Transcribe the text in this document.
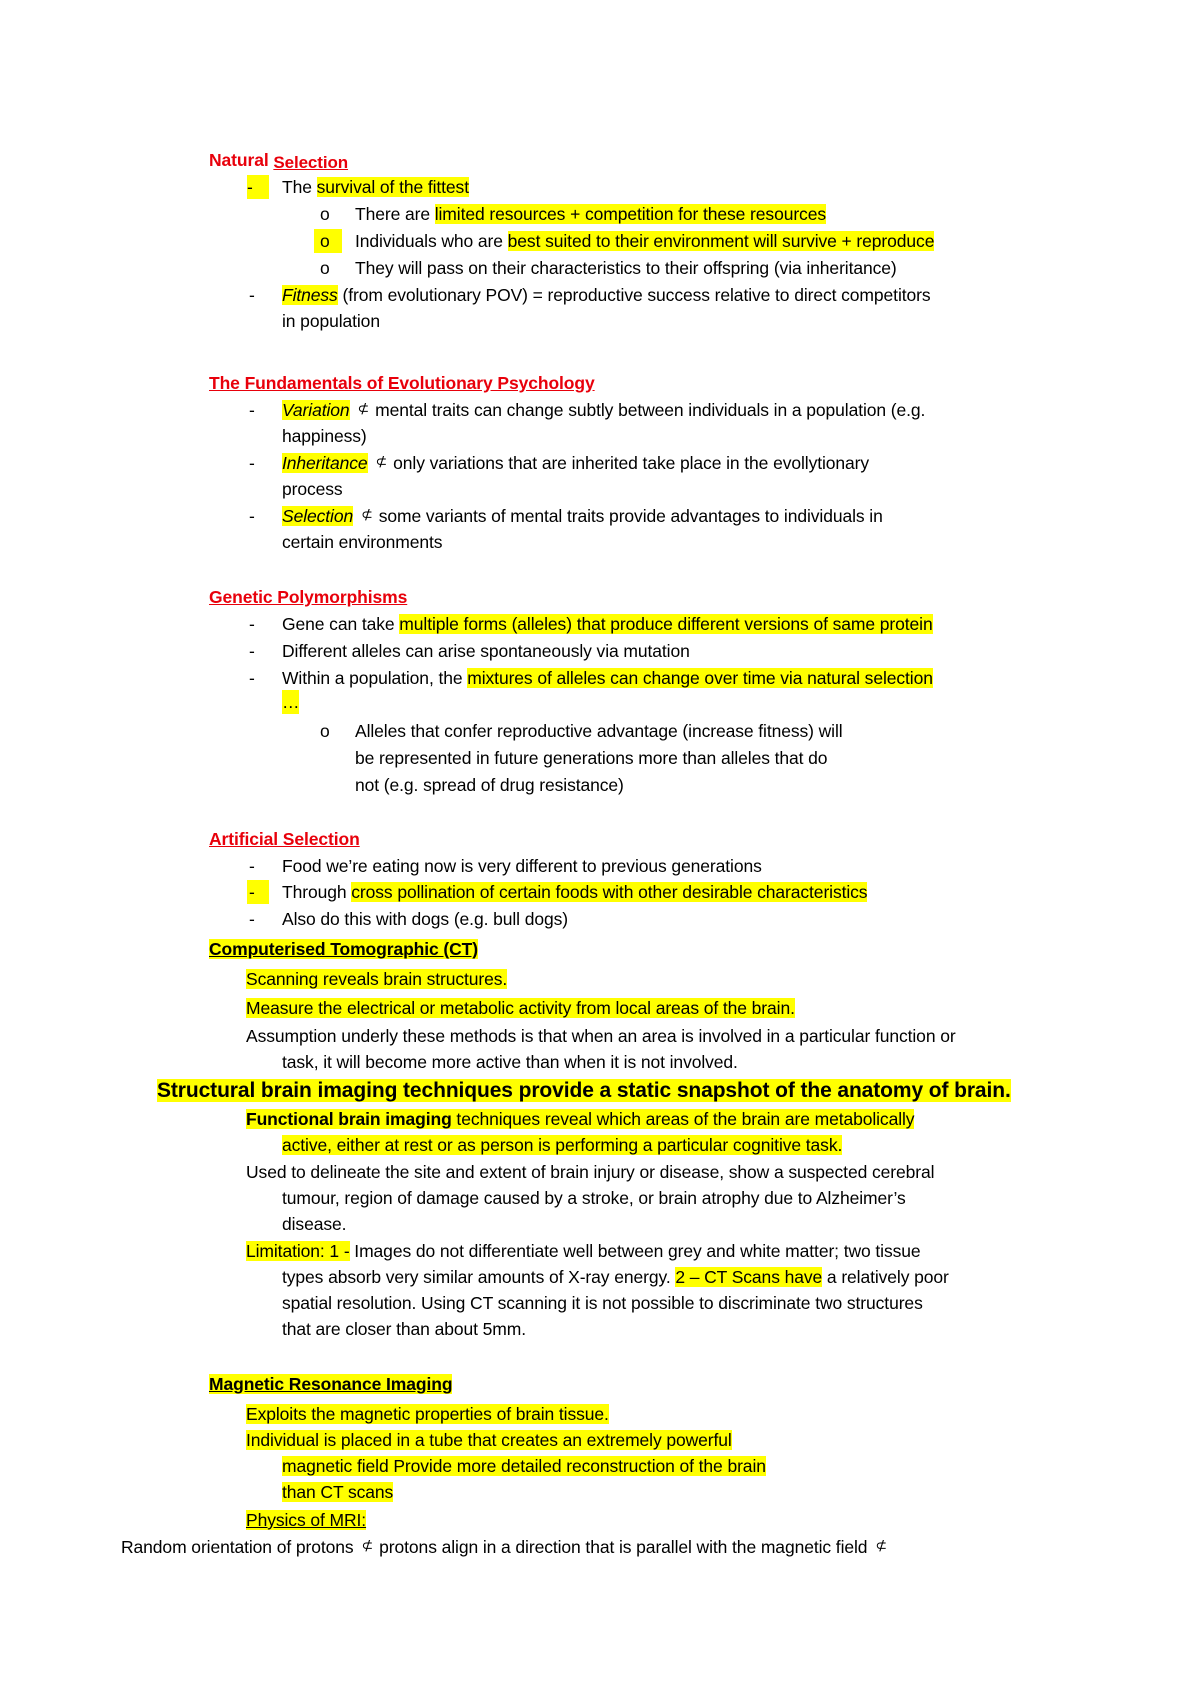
Natural Selection
-	The survival of the fittest
o There are limited resources + competition for these resources
o	Individuals who are best suited to their environment will survive + reproduce
o They will pass on their characteristics to their offspring (via inheritance)
- Fitness (from evolutionary POV) = reproductive success relative to direct competitors
in population
The Fundamentals of Evolutionary Psychology
- Variation ⊄ mental traits can change subtly between individuals in a population (e.g.
happiness)
- Inheritance ⊄ only variations that are inherited take place in the evollytionary
process
- Selection ⊄ some variants of mental traits provide advantages to individuals in
certain environments
Genetic Polymorphisms
- Gene can take multiple forms (alleles) that produce different versions of same protein
- Different alleles can arise spontaneously via mutation
- Within a population, the mixtures of alleles can change over time via natural selection
…
o Alleles that confer reproductive advantage (increase fitness) will
be represented in future generations more than alleles that do
not (e.g. spread of drug resistance)
Artificial Selection
- Food we’re eating now is very different to previous generations
-	Through cross pollination of certain foods with other desirable characteristics
- Also do this with dogs (e.g. bull dogs)
Computerised Tomographic (CT)
Scanning reveals brain structures.
Measure the electrical or metabolic activity from local areas of the brain.
Assumption underly these methods is that when an area is involved in a particular function or
task, it will become more active than when it is not involved.
Structural brain imaging techniques provide a static snapshot of the anatomy of brain.
Functional brain imaging techniques reveal which areas of the brain are metabolically
active, either at rest or as person is performing a particular cognitive task.
Used to delineate the site and extent of brain injury or disease, show a suspected cerebral
tumour, region of damage caused by a stroke, or brain atrophy due to Alzheimer’s
disease.
Limitation: 1 - Images do not differentiate well between grey and white matter; two tissue
types absorb very similar amounts of X-ray energy. 2 – CT Scans have a relatively poor
spatial resolution. Using CT scanning it is not possible to discriminate two structures
that are closer than about 5mm.
Magnetic Resonance Imaging
Exploits the magnetic properties of brain tissue.
Individual is placed in a tube that creates an extremely powerful
magnetic field Provide more detailed reconstruction of the brain
than CT scans
Physics of MRI:
Random orientation of protons ⊄ protons align in a direction that is parallel with the magnetic field ⊄
